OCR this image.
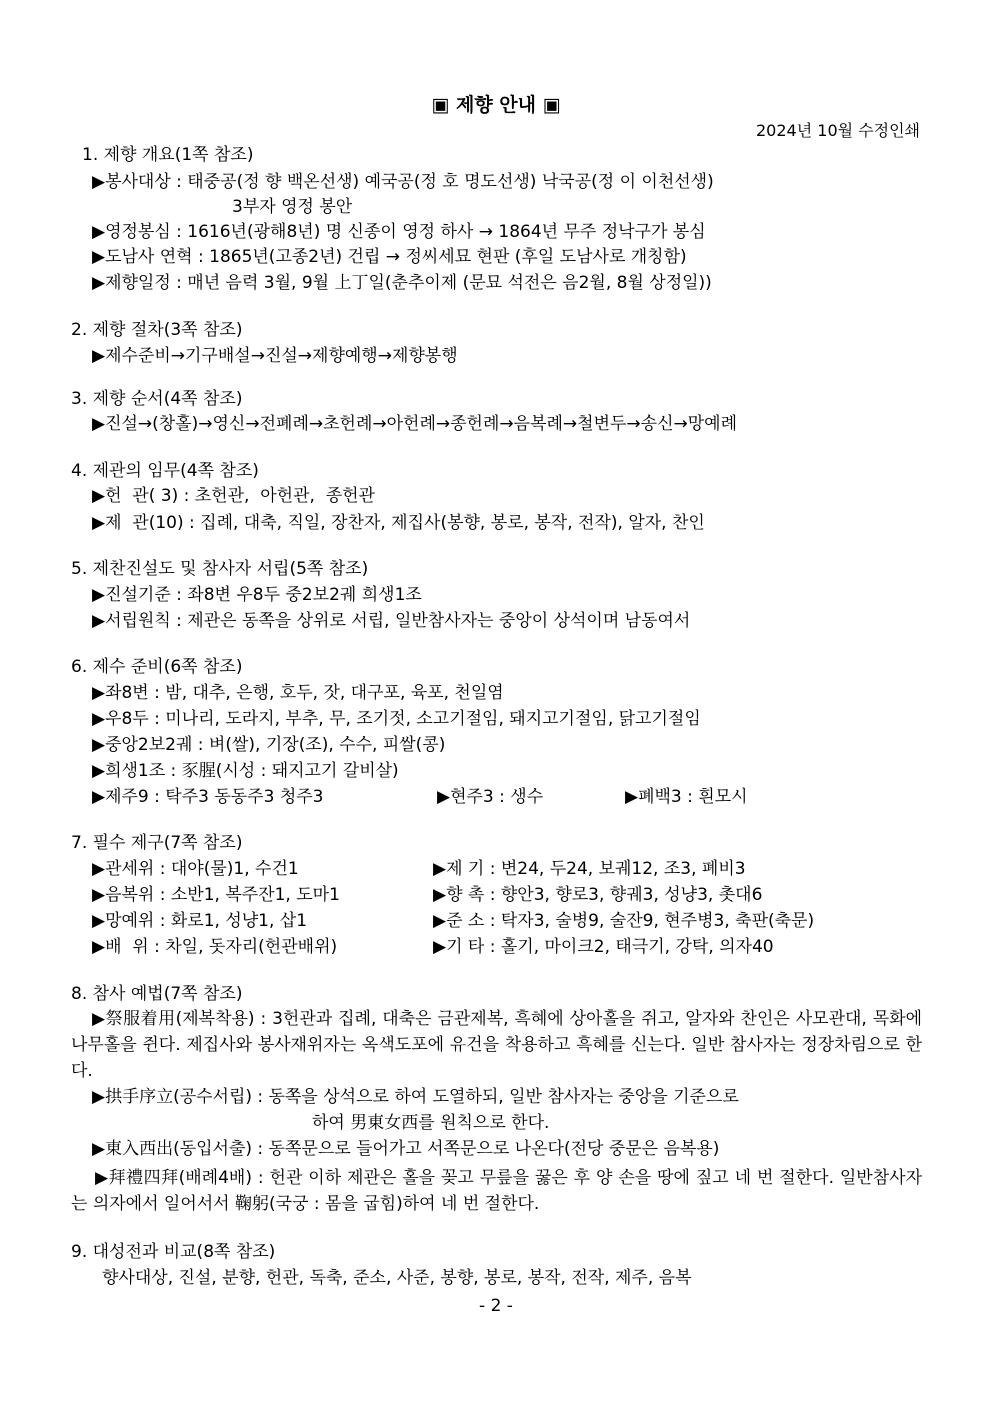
▣ 제향 안내 ▣
2024년 10월 수정인쇄
1. 제향 개요(1쪽 참조)
▶봉사대상 : 태중공(정 향 백온선생) 예국공(정 호 명도선생) 낙국공(정 이 이천선생)
3부자 영정 봉안
▶영정봉심 : 1616년(광해8년) 명 신종이 영정 하사 → 1864년 무주 정낙구가 봉심
▶도남사 연혁 : 1865년(고종2년) 건립 → 정씨세묘 현판 (후일 도남사로 개칭함)
▶제향일정 : 매년 음력 3월, 9월 上丁일(춘추이제 (문묘 석전은 음2월, 8월 상정일))
2. 제향 절차(3쪽 참조)
▶제수준비→기구배설→진설→제향예행→제향봉행
3. 제향 순서(4쪽 참조)
▶진설→(창홀)→영신→전폐례→초헌례→아헌례→종헌례→음복례→철변두→송신→망예례
4. 제관의 임무(4쪽 참조)
▶헌  관( 3) : 초헌관,  아헌관,  종헌관
▶제  관(10) : 집례, 대축, 직일, 장찬자, 제집사(봉향, 봉로, 봉작, 전작), 알자, 찬인
5. 제찬진설도 및 참사자 서립(5쪽 참조)
▶진설기준 : 좌8변 우8두 중2보2궤 희생1조
▶서립원칙 : 제관은 동쪽을 상위로 서립, 일반참사자는 중앙이 상석이며 남동여서
6. 제수 준비(6쪽 참조)
▶좌8변 : 밤, 대추, 은행, 호두, 잣, 대구포, 육포, 천일염
▶우8두 : 미나리, 도라지, 부추, 무, 조기젓, 소고기절임, 돼지고기절임, 닭고기절임
▶중앙2보2궤 : 벼(쌀), 기장(조), 수수, 피쌀(콩)
▶희생1조 : 豕腥(시성 : 돼지고기 갈비살)
▶제주9 : 탁주3 동동주3 청주3	▶현주3 : 생수	▶폐백3 : 흰모시
7. 필수 제구(7쪽 참조)
▶관세위 : 대야(물)1, 수건1	▶제 기 : 변24, 두24, 보궤12, 조3, 폐비3
▶음복위 : 소반1, 복주잔1, 도마1	▶향 촉 : 향안3, 향로3, 향궤3, 성냥3, 촛대6
▶망예위 : 화로1, 성냥1, 삽1	▶준 소 : 탁자3, 술병9, 술잔9, 현주병3, 축판(축문)
▶배  위 : 차일, 돗자리(헌관배위)	▶기 타 : 홀기, 마이크2, 태극기, 강탁, 의자40
8. 참사 예법(7쪽 참조)
▶祭服着用(제복착용) : 3헌관과 집례, 대축은 금관제복, 흑혜에 상아홀을 쥐고, 알자와 찬인은 사모관대, 목화에 나무홀을 쥔다. 제집사와 봉사재위자는 옥색도포에 유건을 착용하고 흑혜를 신는다. 일반 참사자는 정장차림으로 한다.
▶拱手序立(공수서립) : 동쪽을 상석으로 하여 도열하되, 일반 참사자는 중앙을 기준으로
하여 男東女西를 원칙으로 한다.
▶東入西出(동입서출) : 동쪽문으로 들어가고 서쪽문으로 나온다(전당 중문은 음복용)
▶拜禮四拜(배례4배) : 헌관 이하 제관은 홀을 꽂고 무릎을 꿇은 후 양 손을 땅에 짚고 네 번 절한다. 일반참사자는 의자에서 일어서서 鞠躬(국궁 : 몸을 굽힘)하여 네 번 절한다.
9. 대성전과 비교(8쪽 참조)
향사대상, 진설, 분향, 헌관, 독축, 준소, 사준, 봉향, 봉로, 봉작, 전작, 제주, 음복
- 2 -
